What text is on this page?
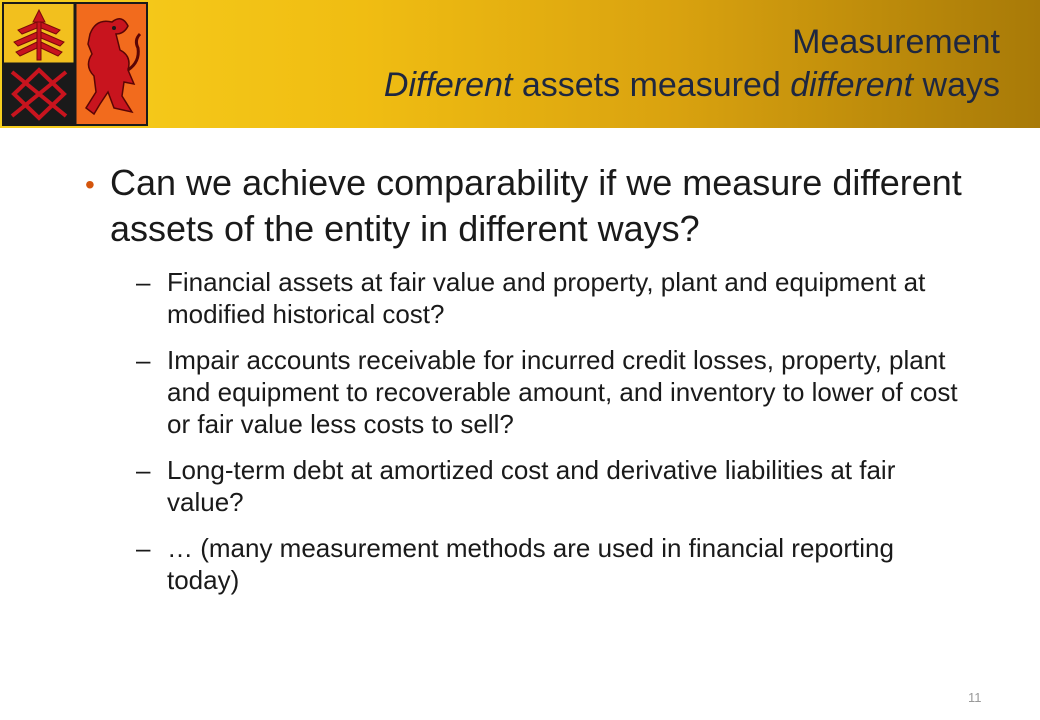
Measurement
Different assets measured different ways
• Can we achieve comparability if we measure different assets of the entity in different ways?
– Financial assets at fair value and property, plant and equipment at modified historical cost?
– Impair accounts receivable for incurred credit losses, property, plant and equipment to recoverable amount, and inventory to lower of cost or fair value less costs to sell?
– Long-term debt at amortized cost and derivative liabilities at fair value?
– … (many measurement methods are used in financial reporting today)
11
